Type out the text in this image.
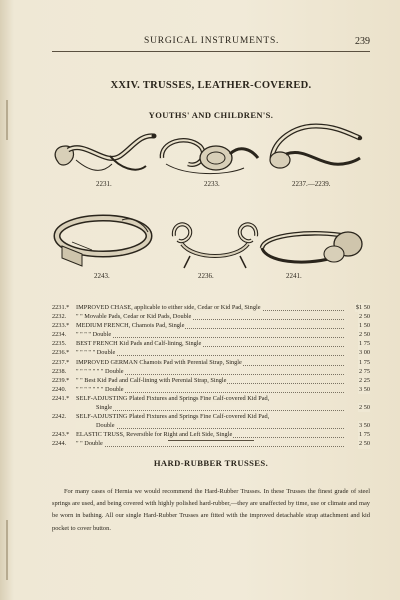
SURGICAL INSTRUMENTS.	239
XXIV. TRUSSES, LEATHER-COVERED.
YOUTHS' AND CHILDREN'S.
2231.	2233.	2237.—2239.
2243.	2236.	2241.
2231.*	IMPROVED CHASE, applicable to either side, Cedar or Kid Pad, Single	$1 50
2232.	" " Movable Pads, Cedar or Kid Pads, Double	2 50
2233.*	MEDIUM FRENCH, Chamois Pad, Single	1 50
2234.	" " " " Double	2 50
2235.	BEST FRENCH Kid Pads and Calf-lining, Single	1 75
2236.*	" " " " " Double	3 00
2237.*	IMPROVED GERMAN Chamois Pad with Perenial Strap, Single	1 75
2238.	" " " " " " " Double	2 75
2239.*	" " Best Kid Pad and Calf-lining with Perenial Strap, Single	2 25
2240.	" " " " " " " Double	3 50
2241.*	SELF-ADJUSTING Plated Fixtures and Springs Fine Calf-covered Kid Pad,
Single	2 50
2242.	SELF-ADJUSTING Plated Fixtures and Springs Fine Calf-covered Kid Pad,
Double	3 50
2243.*	ELASTIC TRUSS, Reversible for Right and Left Side, Single	1 75
2244.	" " Double	2 50
HARD-RUBBER TRUSSES.
For many cases of Hernia we would recommend the Hard-Rubber Trusses. In these Trusses the finest grade of steel springs are used, and being covered with highly polished hard-rubber,—they are unaffected by time, use or climate and may be worn in bathing. All our single Hard-Rubber Trusses are fitted with the improved detachable strap attachment and kid pocket to cover button.
